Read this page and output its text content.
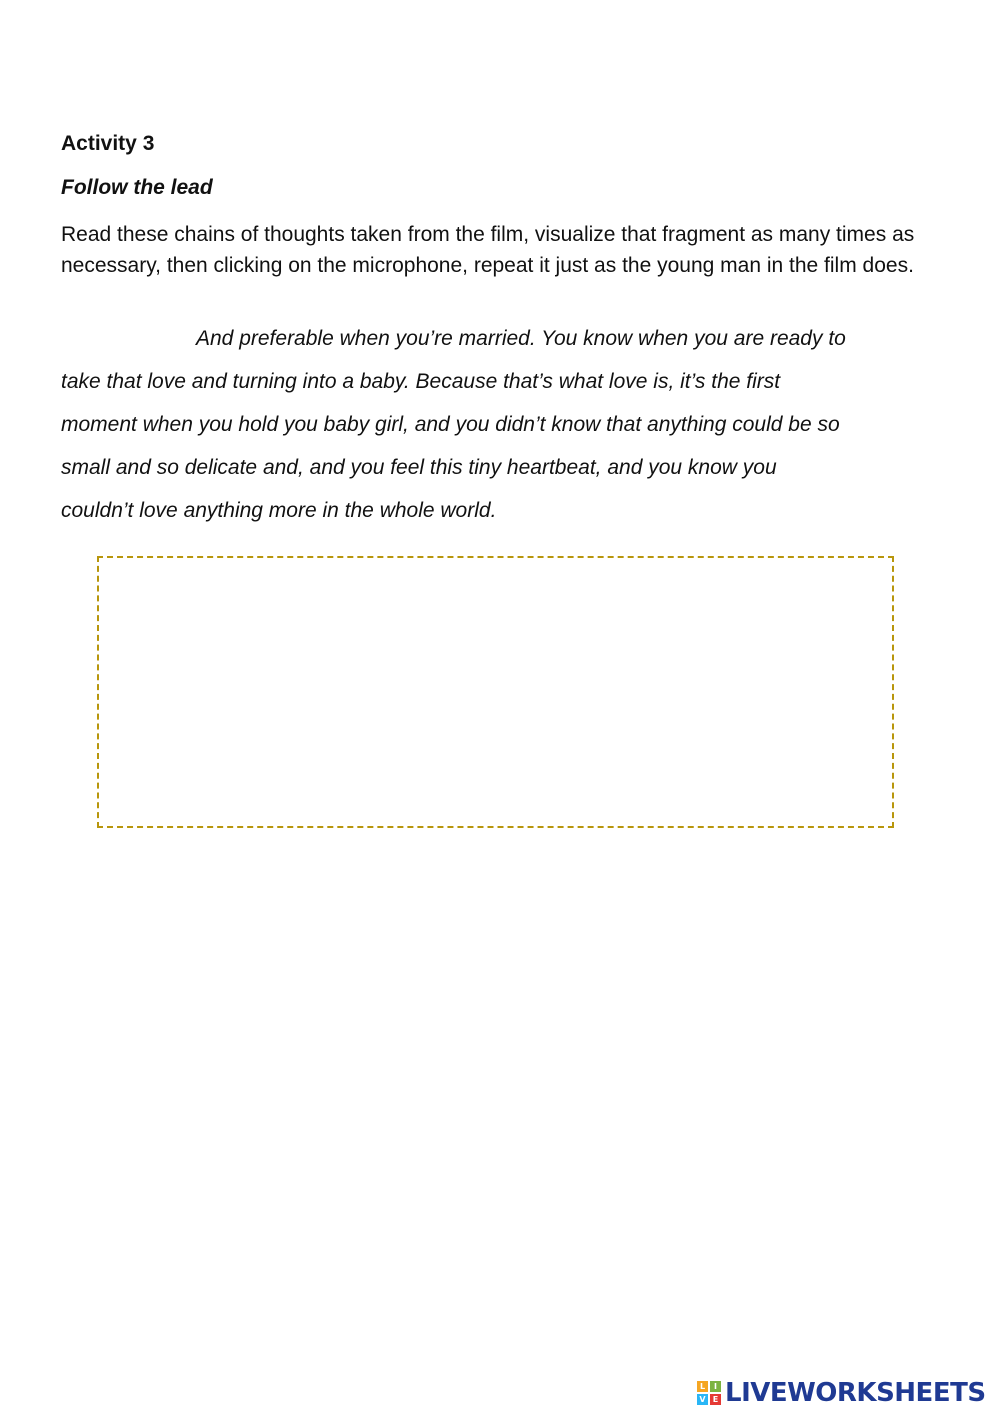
Activity 3
Follow the lead

Read these chains of thoughts taken from the film, visualize that fragment as many times as necessary, then clicking on the microphone, repeat it just as the young man in the film does.

And preferable when you’re married. You know when you are ready to
take that love and turning into a baby. Because that’s what love is, it’s the first
moment when you hold you baby girl, and you didn’t know that anything could be so
small and so delicate and, and you feel this tiny heartbeat, and you know you
couldn’t love anything more in the whole world.
L	I
V E LIVEWORKSHEETS
